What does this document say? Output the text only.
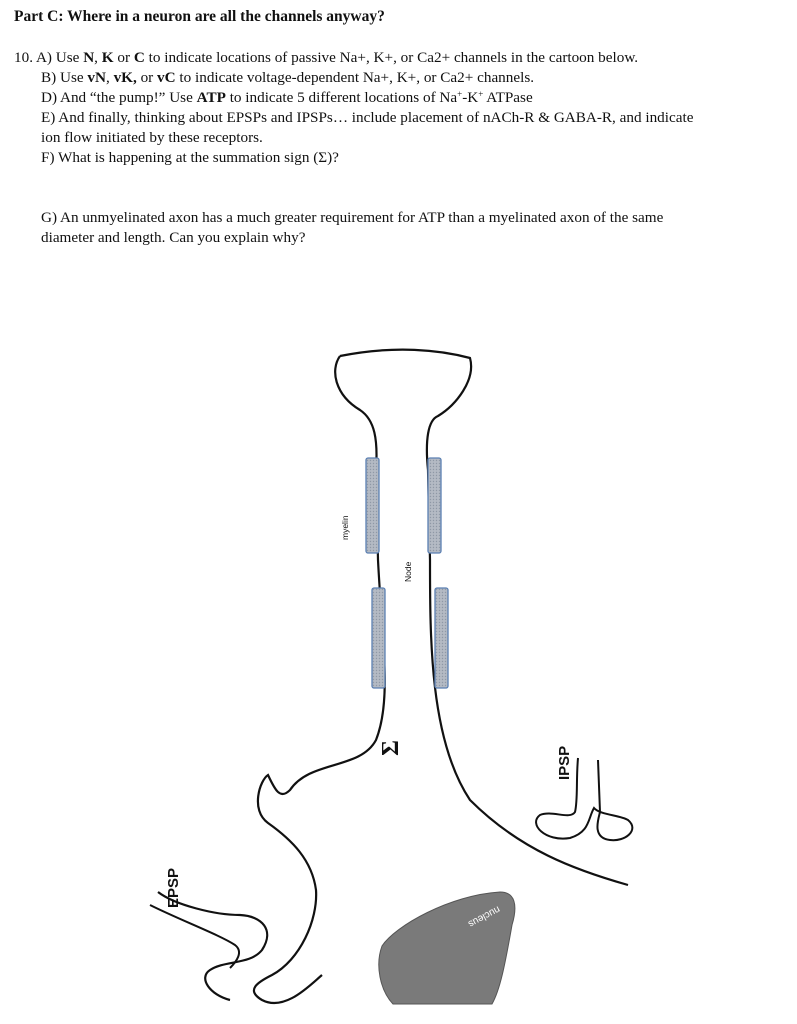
Part C: Where in a neuron are all the channels anyway?
10. A) Use N, K or C to indicate locations of passive Na+, K+, or Ca2+ channels in the cartoon below.
B) Use vN, vK, or vC to indicate voltage-dependent Na+, K+, or Ca2+ channels.
D) And “the pump!” Use ATP to indicate 5 different locations of Na+-K+ ATPase
E) And finally, thinking about EPSPs and IPSPs… include placement of nACh-R & GABA-R, and indicate
ion flow initiated by these receptors.
F) What is happening at the summation sign (Σ)?
G) An unmyelinated axon has a much greater requirement for ATP than a myelinated axon of the same
diameter and length. Can you explain why?
myelin
Node
Σ	IPSP
EPSP
nucleus
